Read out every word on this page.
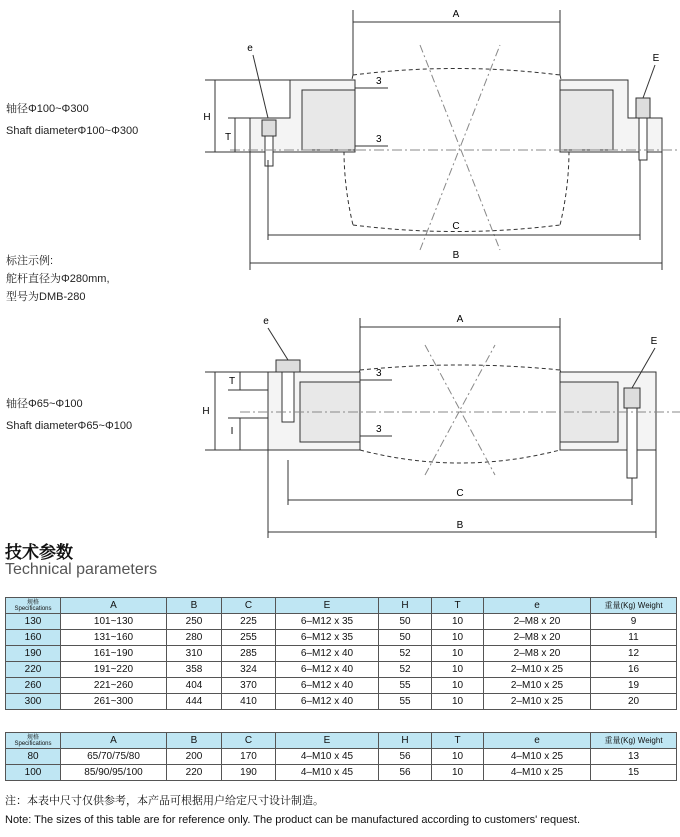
A
C
B
E
e
H
T
3
3
轴径Φ100~Φ300
Shaft diameterΦ100~Φ300
标注示例:
舵杆直径为Φ280mm,
型号为DMB-280
A
C
B
E
e
H
T
I
3
3
轴径Φ65~Φ100
Shaft diameterΦ65~Φ100
技术参数
Technical parameters
规格
Specifications	A	B	C	E	H	T	e	重量(Kg) Weight
130	101~130	250	225	6–M12 x 35	50	10	2–M8 x 20	9
160	131~160	280	255	6–M12 x 35	50	10	2–M8 x 20	11
190	161~190	310	285	6–M12 x 40	52	10	2–M8 x 20	12
220	191~220	358	324	6–M12 x 40	52	10	2–M10 x 25	16
260	221~260	404	370	6–M12 x 40	55	10	2–M10 x 25	19
300	261~300	444	410	6–M12 x 40	55	10	2–M10 x 25	20
规格
Specifications	A	B	C	E	H	T	e	重量(Kg) Weight
80	65/70/75/80	200	170	4–M10 x 45	56	10	4–M10 x 25	13
100	85/90/95/100	220	190	4–M10 x 45	56	10	4–M10 x 25	15
注：本表中尺寸仅供参考，本产品可根据用户给定尺寸设计制造。
Note: The sizes of this table are for reference only. The product can be manufactured according to customers' request.
